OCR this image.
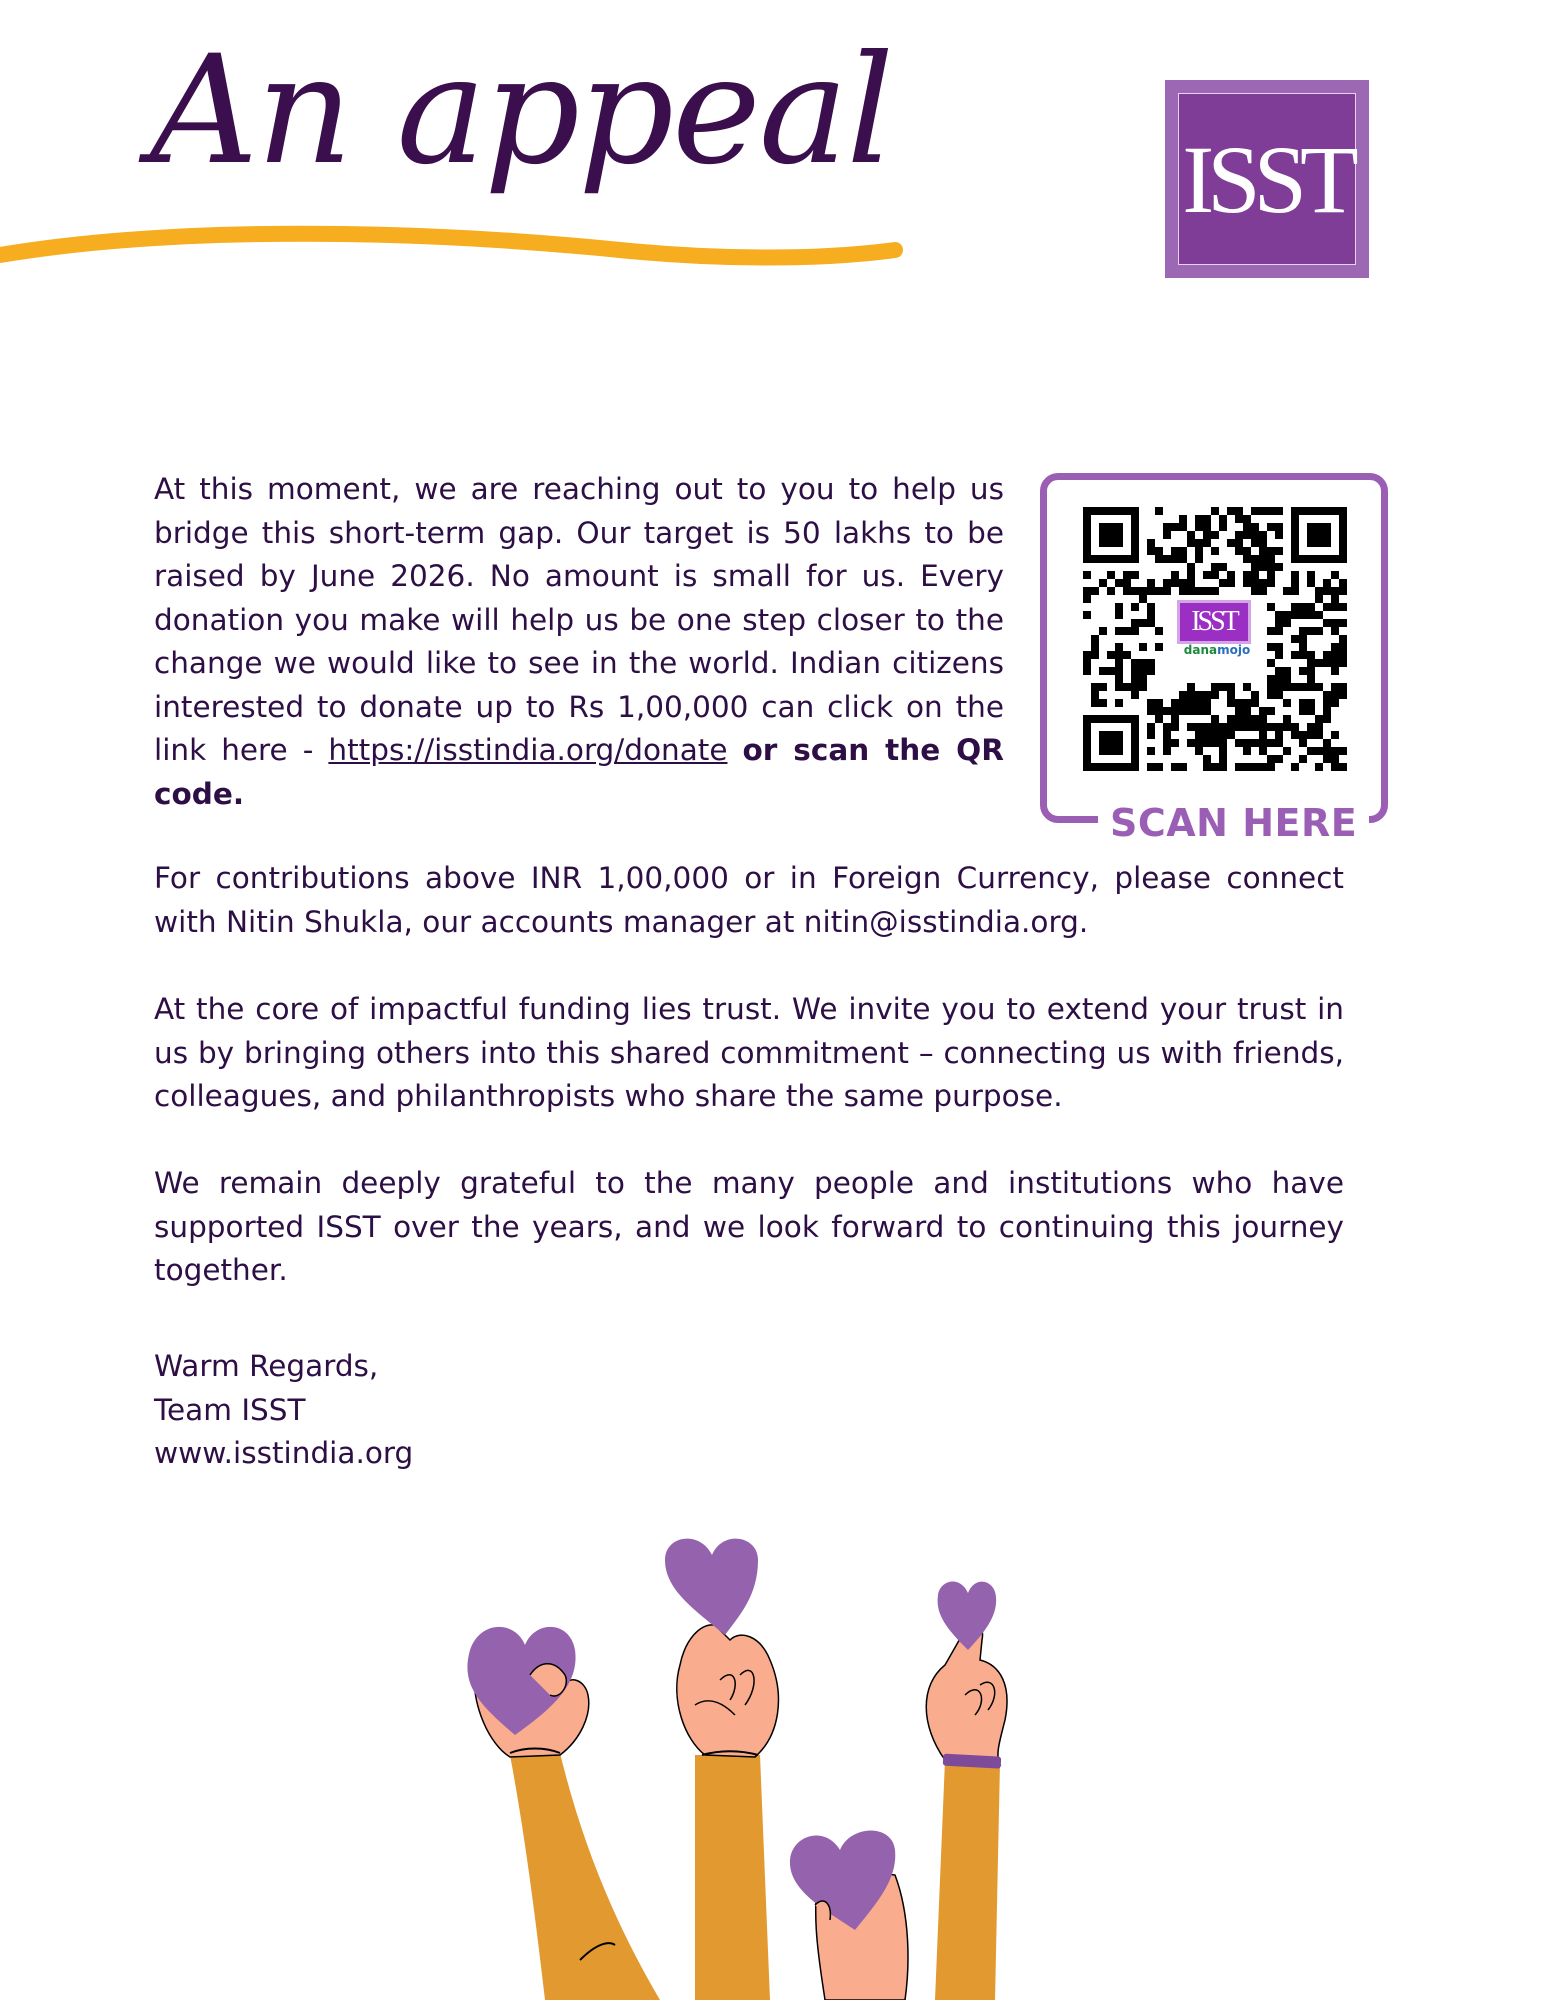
An appeal	ISST

At this moment, we are reaching out to you to help us bridge this short-term gap. Our target is 50 lakhs to be raised by June 2026. No amount is small for us. Every donation you make will help us be one step closer to the change we would like to see in the world. Indian citizens interested to donate up to Rs 1,00,000 can click on the link here - https://isstindia.org/donate or scan the QR code.

For contributions above INR 1,00,000 or in Foreign Currency, please connect with Nitin Shukla, our accounts manager at nitin@isstindia.org.

At the core of impactful funding lies trust. We invite you to extend your trust in us by bringing others into this shared commitment – connecting us with friends, colleagues, and philanthropists who share the same purpose.

We remain deeply grateful to the many people and institutions who have supported ISST over the years, and we look forward to continuing this journey together.

Warm Regards,
Team ISST
www.isstindia.org
SCAN HERE
ISST
danamojo
